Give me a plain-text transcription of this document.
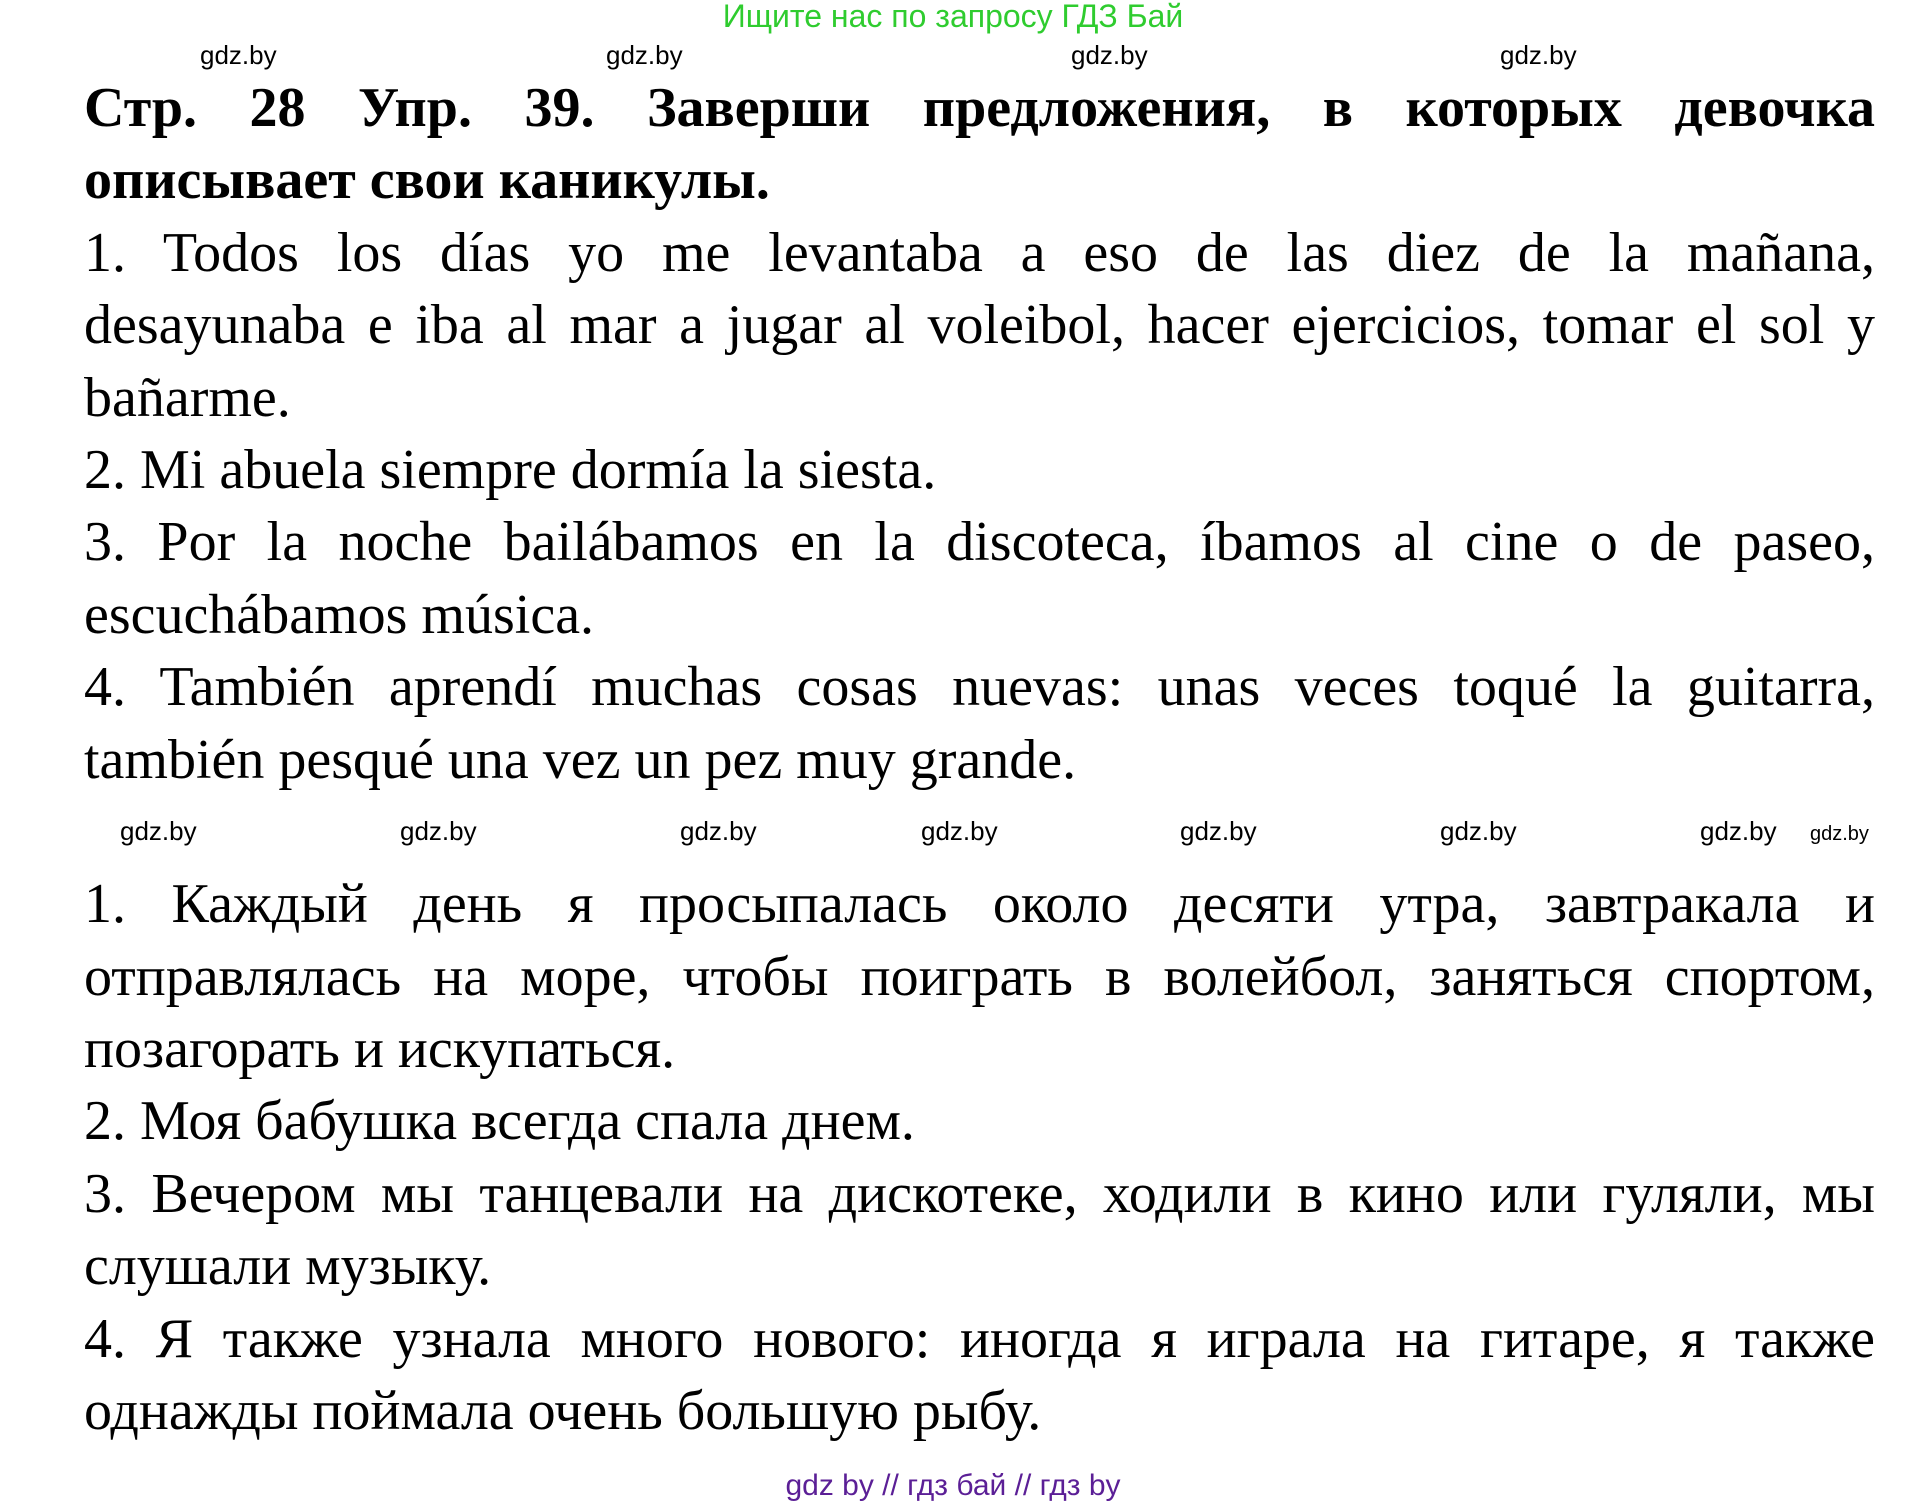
Ищите нас по запросу ГДЗ Бай
Стр. 28 Упр. 39. Заверши предложения, в которых девочка
описывает свои каникулы.
1. Todos los días yo me levantaba a eso de las diez de la mañana,
desayunaba e iba al mar a jugar al voleibol, hacer ejercicios, tomar el sol y
bañarme.
2. Mi abuela siempre dormía la siesta.
3. Por la noche bailábamos en la discoteca, íbamos al cine o de paseo,
escuchábamos música.
4. También aprendí muchas cosas nuevas: unas veces toqué la guitarra,
también pesqué una vez un pez muy grande.
1. Каждый день я просыпалась около десяти утра, завтракала и
отправлялась на море, чтобы поиграть в волейбол, заняться спортом,
позагорать и искупаться.
2. Моя бабушка всегда спала днем.
3. Вечером мы танцевали на дискотеке, ходили в кино или гуляли, мы
слушали музыку.
4. Я также узнала много нового: иногда я играла на гитаре, я также
однажды поймала очень большую рыбу.
gdz.by	gdz.by
gdz.by	gdz.by
gdz.by	gdz.by	gdz.by	gdz.by	gdz.by	gdz.by	gdz.by gdz.by
gdz by // гдз бай // гдз by
